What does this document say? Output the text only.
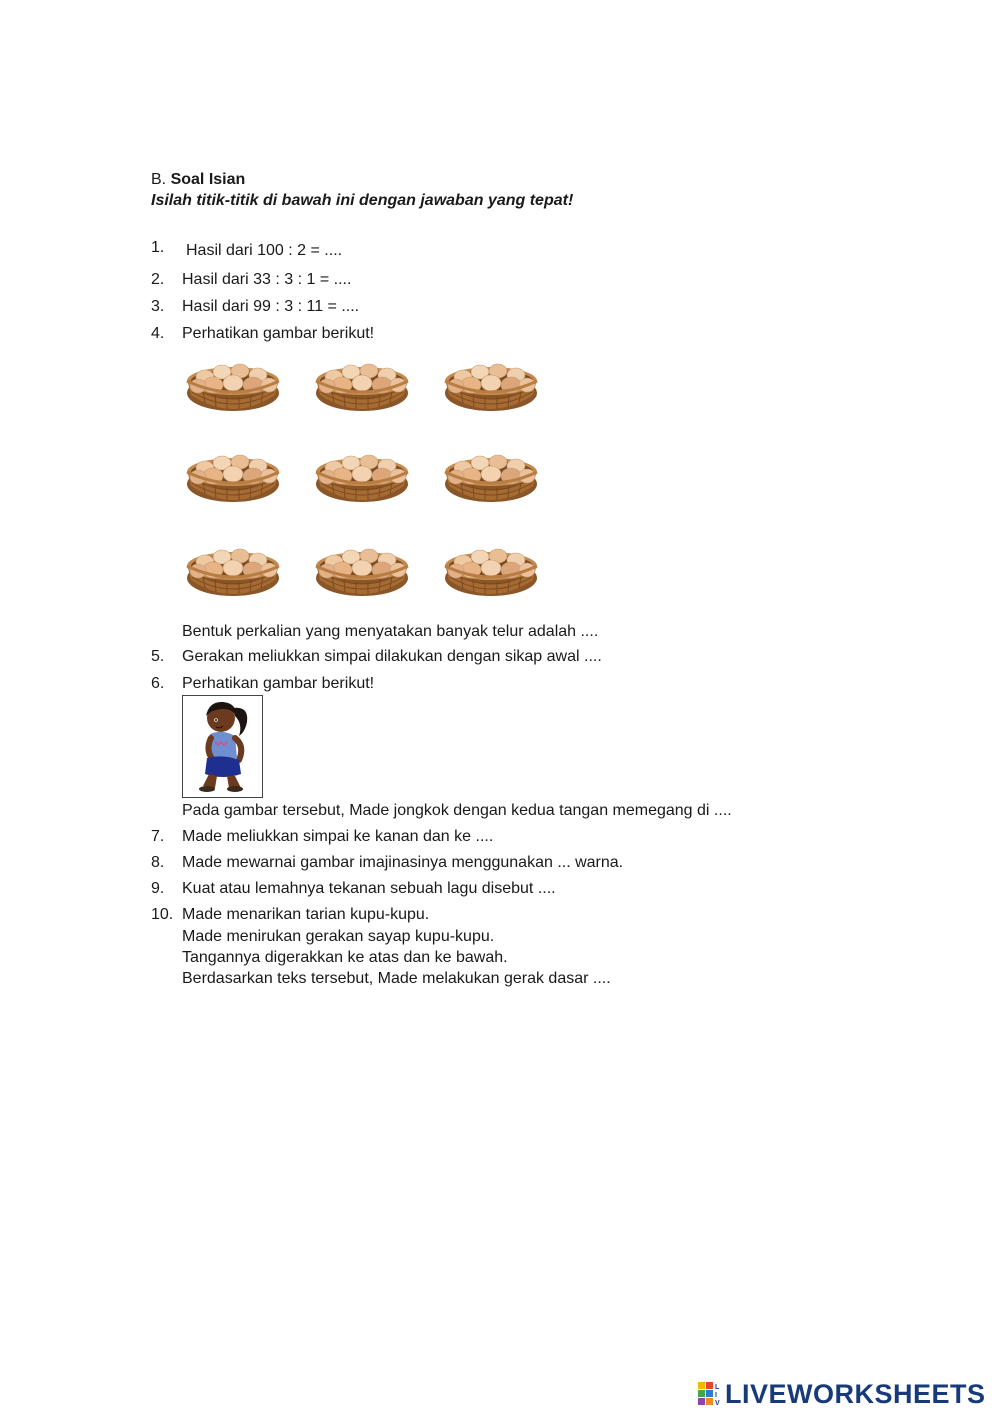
B. Soal Isian
Isilah titik-titik di bawah ini dengan jawaban yang tepat!
1. Hasil dari 100 : 2 = ....
2. Hasil dari 33 : 3 : 1 = ....
3. Hasil dari 99 : 3 : 11 = ....
4. Perhatikan gambar berikut!
Bentuk perkalian yang menyatakan banyak telur adalah ....
5. Gerakan meliukkan simpai dilakukan dengan sikap awal ....
6. Perhatikan gambar berikut!
Pada gambar tersebut, Made jongkok dengan kedua tangan memegang di ....
7. Made meliukkan simpai ke kanan dan ke ....
8. Made mewarnai gambar imajinasinya menggunakan ... warna.
9. Kuat atau lemahnya tekanan sebuah lagu disebut ....
10. Made menarikan tarian kupu-kupu.
Made menirukan gerakan sayap kupu-kupu.
Tangannya digerakkan ke atas dan ke bawah.
Berdasarkan teks tersebut, Made melakukan gerak dasar ....
L
I
V LIVEWORKSHEETS
